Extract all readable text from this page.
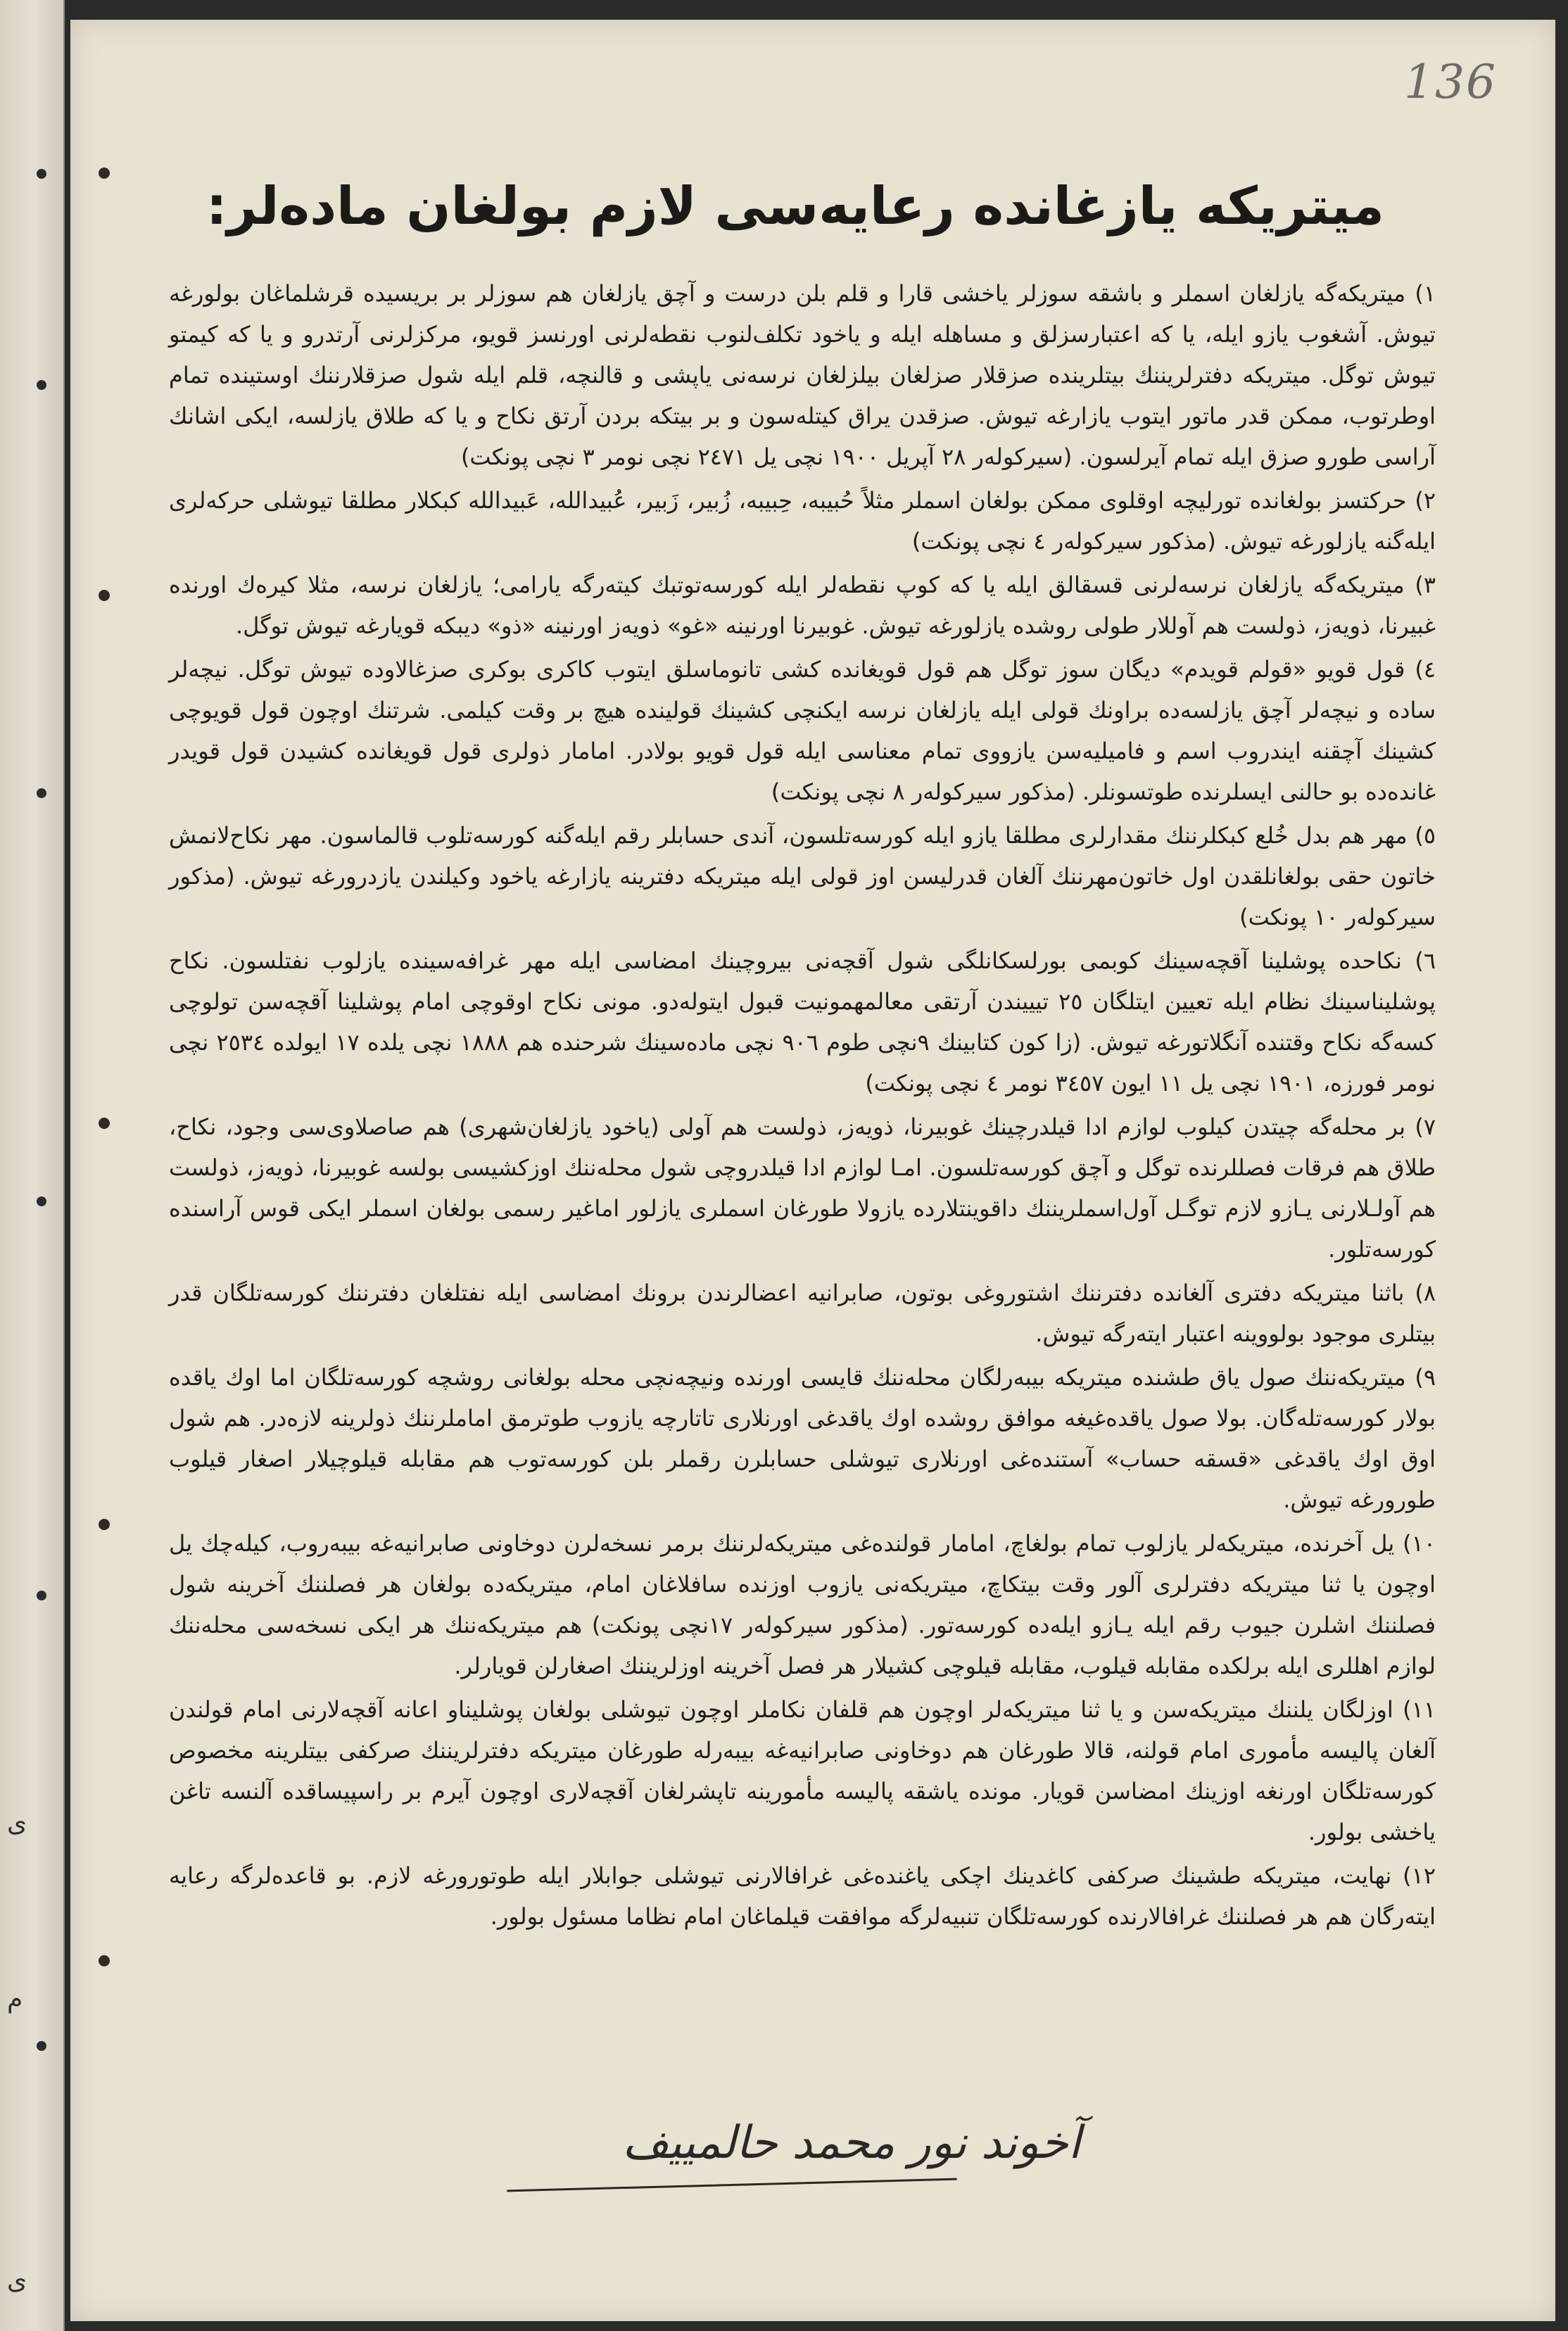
ی
م
ی
136
میتریکه یازغانده رعایه‌سی لازم بولغان ماده‌لر:

١) میتریکه‌گه یازلغان اسملر و باشقه سوزلر یاخشی قارا و قلم بلن درست و آچق یازلغان هم سوزلر بر بریسیده قرشلماغان بولورغه تیوش. آشغوب یازو ایله، یا که اعتبارسزلق و مساهله ایله و یاخود تکلف‌لنوب نقطه‌لرنی اورنسز قویو، مرکزلرنی آرتدرو و یا که کیمتو تیوش توگل. میتریکه دفترلریننك بیتلرینده صزقلار صزلغان بیلزلغان نرسه‌نی یاپشی و قالنچه، قلم ایله شول صزقلارننك اوستینده تمام اوطرتوب، ممکن قدر ماتور ایتوب یازارغه تیوش. صزقدن یراق کیتله‌سون و بر بیتکه بردن آرتق نکاح و یا که طلاق یازلسه، ایکی اشانك آراسی طورو صزق ایله تمام آیرلسون. (سیرکوله‌ر ٢٨ آپریل ١٩٠٠ نچی یل ٢٤٧١ نچی نومر ٣ نچی پونکت)

٢) حرکتسز بولغانده تورلیچه اوقلوی ممکن بولغان اسملر مثلاً حُبیبه، حِبیبه، زُبیر، زَبیر، عُبیدالله، عَبیدالله کبکلار مطلقا تیوشلی حرکه‌لری ایله‌گنه یازلورغه تیوش. (مذکور سیرکوله‌ر ٤ نچی پونکت)

٣) میتریکه‌گه یازلغان نرسه‌لرنی قسقالق ایله یا که کوپ نقطه‌لر ایله کورسه‌توتبك کیته‌رگه یارامی؛ یازلغان نرسه، مثلا کیره‌ك اورنده غبیرنا، ذویه‌ز، ذولست هم آوللار طولی روشده یازلورغه تیوش. غوبیرنا اورنینه «غو» ذویه‌ز اورنینه «ذو» دیبکه قویارغه تیوش توگل.

٤) قول قویو «قولم قویدم» دیگان سوز توگل هم قول قویغانده کشی تانوماسلق ایتوب کاکری بوکری صزغالاوده تیوش توگل. نیچه‌لر ساده و نیچه‌لر آچق یازلسه‌ده براونك قولی ایله یازلغان نرسه ایکنچی کشینك قولینده هیچ بر وقت کیلمی. شرتنك اوچون قول قویوچی کشینك آچقنه ایندروب اسم و فامیلیه‌سن یازووی تمام معناسی ایله قول قویو بولادر. امامار ذولری قول قویغانده کشیدن قول قویدر غانده‌ده بو حالنی ایسلرنده طوتسونلر. (مذکور سیرکوله‌ر ٨ نچی پونکت)

٥) مهر هم بدل خُلع کبکلرننك مقدارلری مطلقا یازو ایله کورسه‌تلسون، آندی حسابلر رقم ایله‌گنه کورسه‌تلوب قالماسون. مهر نکاح‌لانمش خاتون حقی بولغانلقدن اول خاتون‌مهرننك آلغان قدرلیسن اوز قولی ایله میتریکه دفترینه یازارغه یاخود وکیلندن یازدرورغه تیوش. (مذکور سیرکوله‌ر ١٠ پونکت)

٦) نکاحده پوشلینا آقچه‌سینك کوبمی بورلسکانلگی شول آقچه‌نی بیروچینك امضاسی ایله مهر غرافه‌سینده یازلوب نفتلسون. نکاح پوشلیناسینك نظام ایله تعیین ایتلگان ٢٥ تیییندن آرتقی معالمهمونیت قبول ایتوله‌دو. مونی نکاح اوقوچی امام پوشلینا آقچه‌سن تولوچی کسه‌گه نکاح وقتنده آنگلاتورغه تیوش. (زا کون کتابینك ٩نچی طوم ٩٠٦ نچی ماده‌سینك شرحنده هم ١٨٨٨ نچی یلده ١٧ ایولده ٢٥٣٤ نچی نومر فورزه، ١٩٠١ نچی یل ١١ ایون ٣٤٥٧ نومر ٤ نچی پونکت)

٧) بر محله‌گه چیتدن کیلوب لوازم ادا قیلدرچینك غوبیرنا، ذویه‌ز، ذولست هم آولی (یاخود یازلغان‌شهری) هم صاصلاوی‌سی وجود، نکاح، طلاق هم فرقات فصللرنده توگل و آچق کورسه‌تلسون. امـا لوازم ادا قیلدروچی شول محله‌ننك اوزکشیسی بولسه غوبیرنا، ذویه‌ز، ذولست هم آولـلارنی یـازو لازم توگـل آول‌اسملریننك داقوینتلارده یازولا طورغان اسملری یازلور اماغیر رسمی بولغان اسملر ایکی قوس آراسنده کورسه‌تلور.

٨) باثنا میتریکه دفتری آلغانده دفترننك اشتوروغی بوتون، صابرانیه اعضالرندن برونك امضاسی ایله نفتلغان دفترننك کورسه‌تلگان قدر بیتلری موجود بولووینه اعتبار ایته‌رگه تیوش.

٩) میتریکه‌ننك صول یاق طشنده میتریکه بیبه‌رلگان محله‌ننك قایسی اورنده ونیچه‌نچی محله بولغانی روشچه کورسه‌تلگان اما اوك یاقده بولار کورسه‌تله‌گان. بولا صول یاقده‌غیغه موافق روشده اوك یاقدغی اورنلاری تاتارچه یازوب طوترمق اماملرننك ذولرینه لازه‌در. هم شول اوق اوك یاقدغی «قسقه حساب» آستنده‌غی اورنلاری تیوشلی حسابلرن رقملر بلن کورسه‌توب هم مقابله قیلوچیلار اصغار قیلوب طورورغه تیوش.

١٠) یل آخرنده، میتریکه‌لر یازلوب تمام بولغاچ، امامار قولنده‌غی میتریکه‌لرننك برمر نسخه‌لرن دوخاونی صابرانیه‌غه بیبه‌روب، کیله‌چك یل اوچون یا ثنا میتریکه دفترلری آلور وقت بیتکاچ، میتریکه‌نی یازوب اوزنده سافلاغان امام، میتریکه‌ده بولغان هر فصلننك آخرینه شول فصلننك اشلرن جیوب رقم ایله یـازو ایله‌ده کورسه‌تور. (مذکور سیرکوله‌ر ١٧نچی پونکت) هم میتریکه‌ننك هر ایکی نسخه‌سی محله‌ننك لوازم اهللری ایله برلکده مقابله قیلوب، مقابله قیلوچی کشیلار هر فصل آخرینه اوزلریننك اصغارلن قویارلر.

١١) اوزلگان یلننك میتریکه‌سن و یا ثنا میتریکه‌لر اوچون هم قلفان نکاملر اوچون تیوشلی بولغان پوشلیناو اعانه آقچه‌لارنی امام قولندن آلغان پالیسه مأموری امام قولنه، قالا طورغان هم دوخاونی صابرانیه‌غه بیبه‌رله طورغان میتریکه دفترلریننك صرکفی بیتلرینه مخصوص کورسه‌تلگان اورنغه اوزینك امضاسن قویار. مونده یاشقه پالیسه مأمورینه تاپشرلغان آقچه‌لاری اوچون آیرم بر راسپیساقده آلنسه تاغن یاخشی بولور.

١٢) نهایت، میتریکه طشینك صرکفی کاغدینك اچکی یاغنده‌غی غرافالارنی تیوشلی جوابلار ایله طوتورورغه لازم. بو قاعده‌لرگه رعایه ایته‌رگان هم هر فصلننك غرافالارنده کورسه‌تلگان تنبیه‌لرگه موافقت قیلماغان امام نظاما مسئول بولور.

آخوند نور محمد حالمییف
